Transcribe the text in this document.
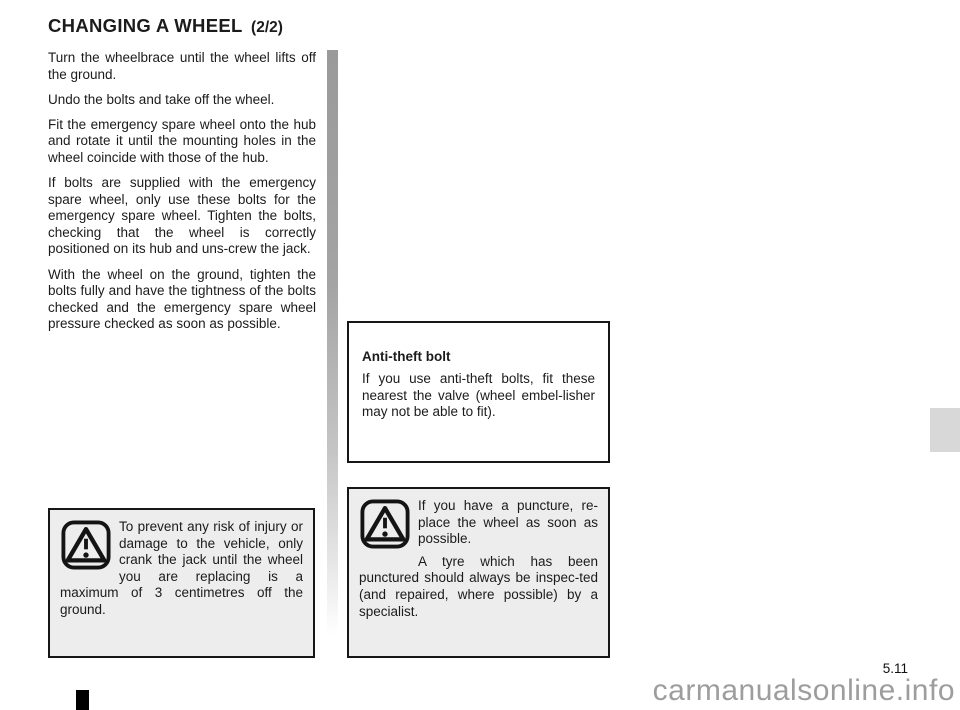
CHANGING A WHEEL (2/2)

Turn the wheelbrace until the wheel lifts off the ground.

Undo the bolts and take off the wheel.

Fit the emergency spare wheel onto the hub and rotate it until the mounting holes in the wheel coincide with those of the hub.

If bolts are supplied with the emergency spare wheel, only use these bolts for the emergency spare wheel. Tighten the bolts, checking that the wheel is correctly positioned on its hub and uns-crew the jack.

With the wheel on the ground, tighten the bolts fully and have the tightness of the bolts checked and the emergency spare wheel pressure checked as soon as possible.

Anti-theft bolt

If you use anti-theft bolts, fit these nearest the valve (wheel embel-lisher may not be able to fit).

If you have a puncture, re-place the wheel as soon as possible.

A tyre which has been punctured should always be inspec-ted (and repaired, where possible) by a specialist.

To prevent any risk of injury or damage to the vehicle, only crank the jack until the wheel you are replacing is a maximum of 3 centimetres off the ground.

5.11
carmanualsonline.info
